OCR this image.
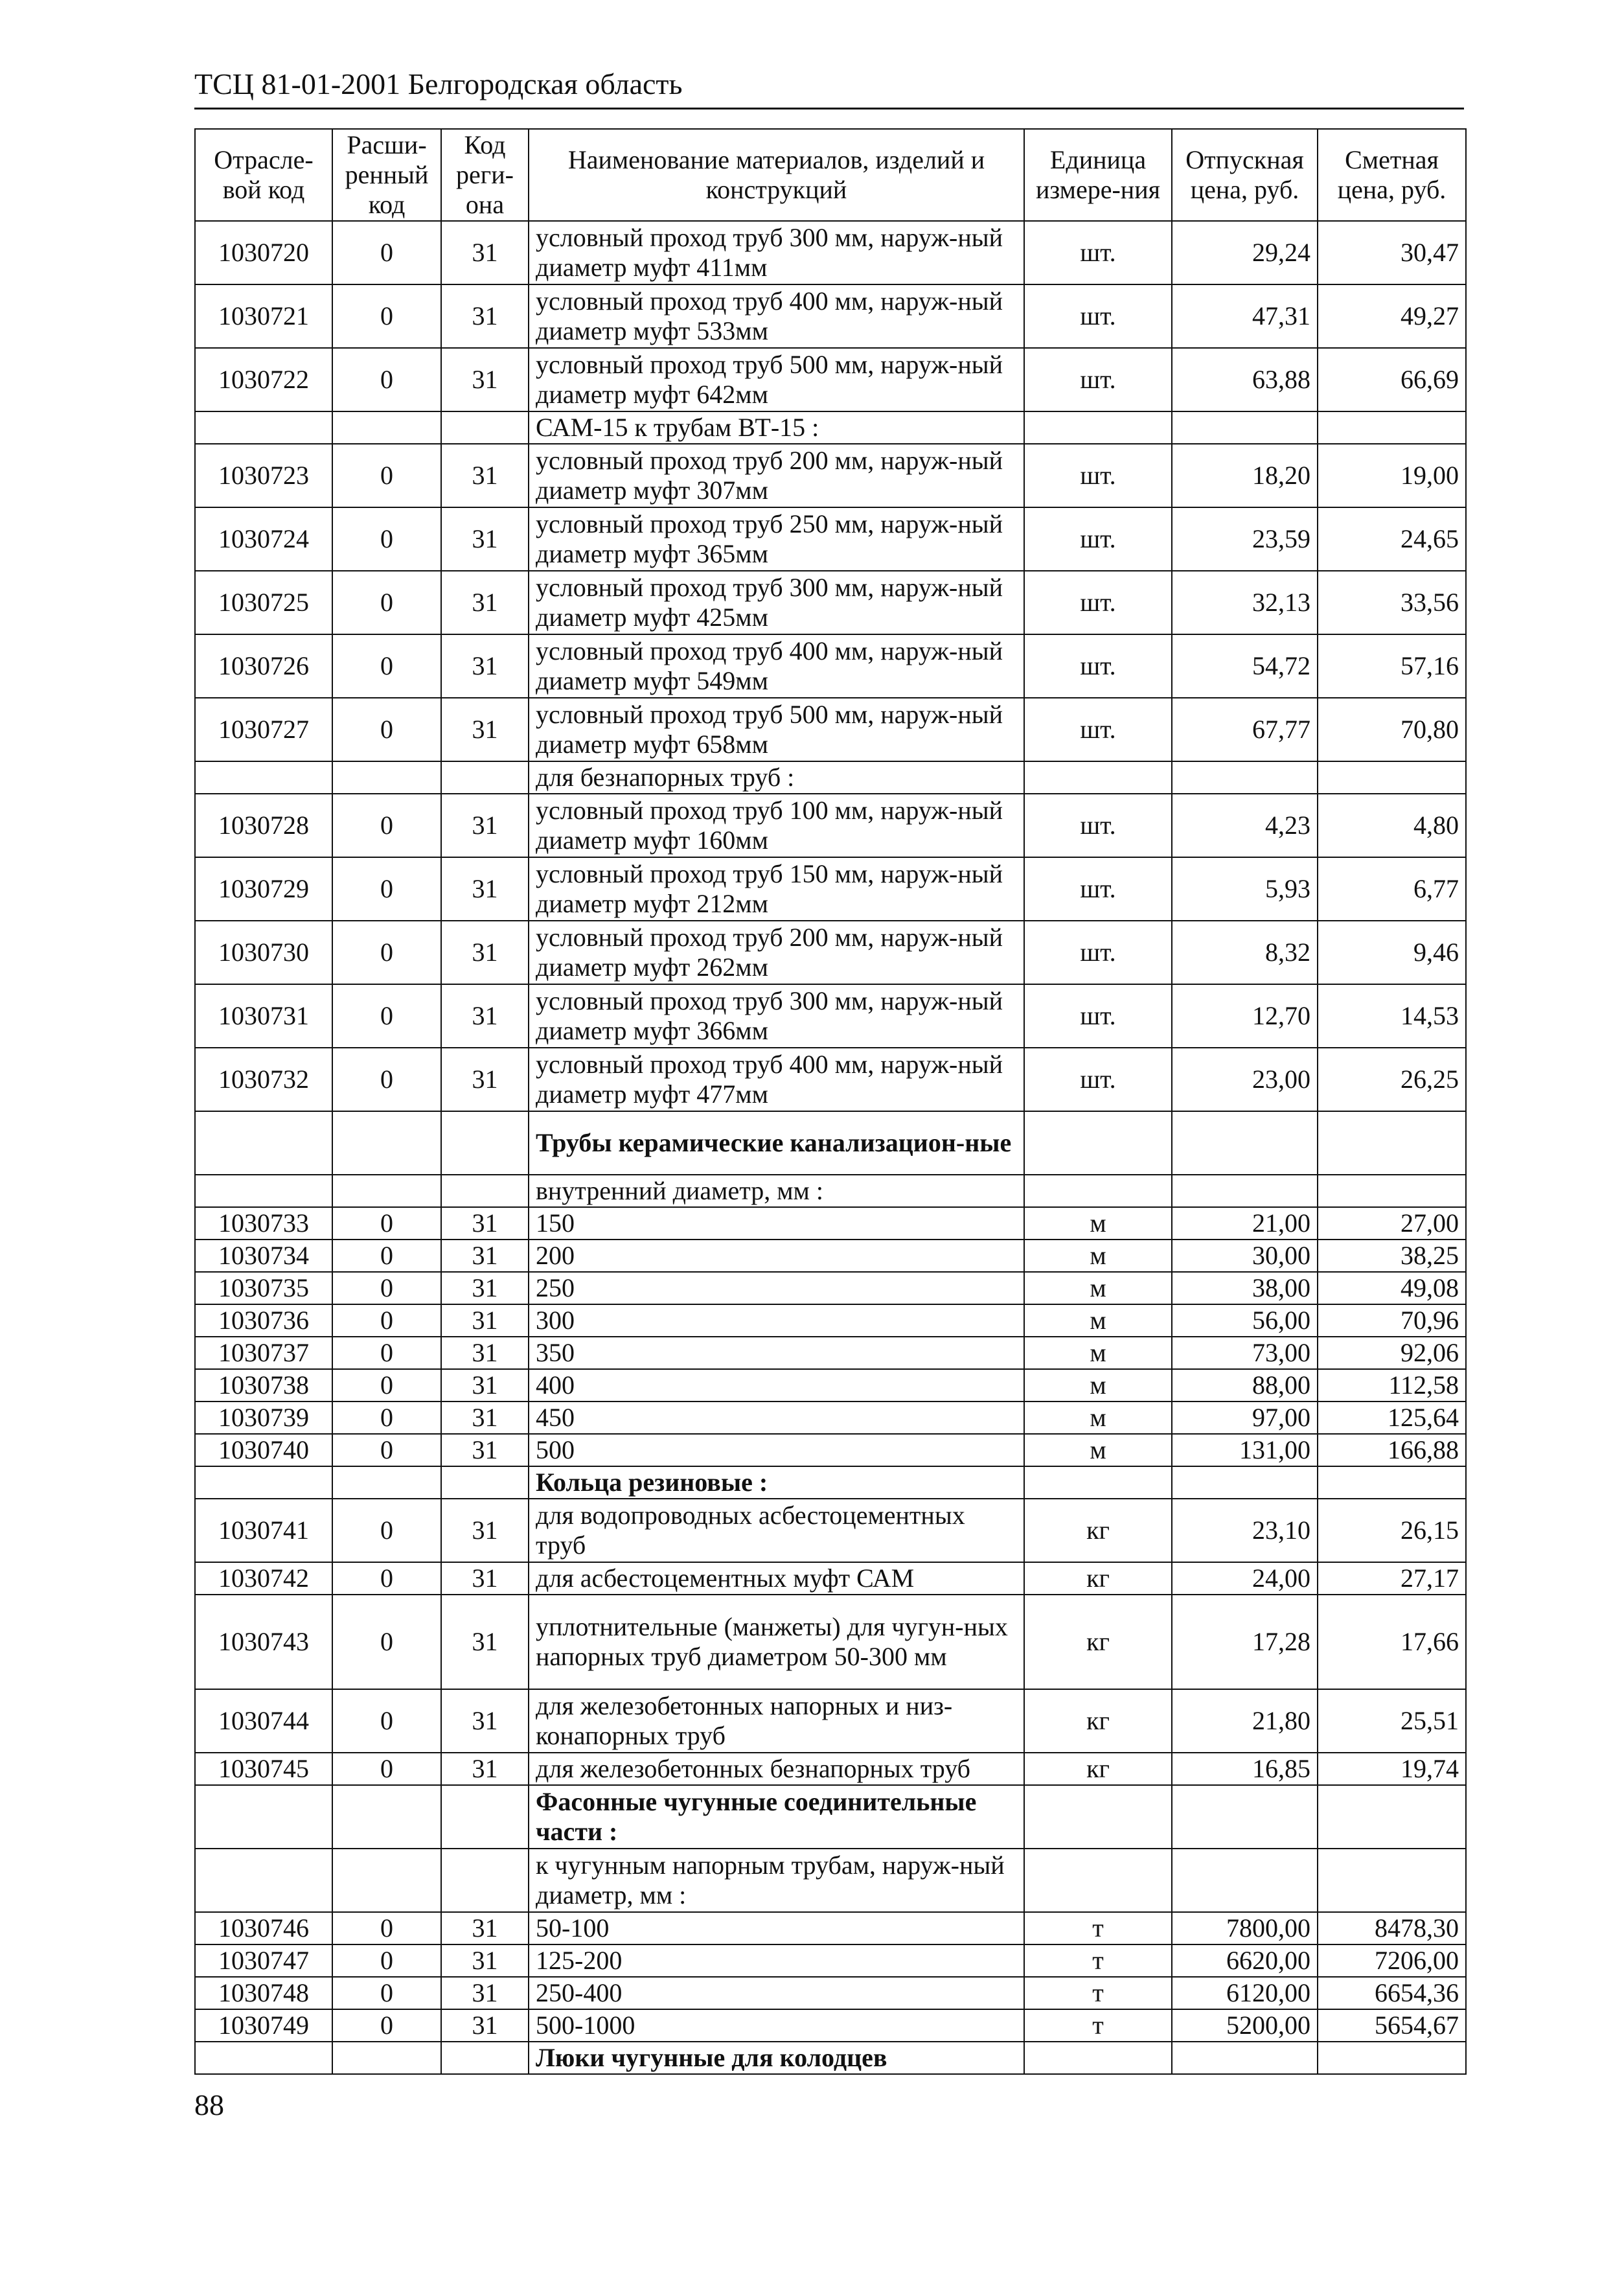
ТСЦ 81-01-2001 Белгородская область
Отрасле-вой код	Расши-ренный код	Код реги-она	Наименование материалов, изделий и конструкций	Единица измере-ния	Отпускная цена, руб.	Сметная цена, руб.
1030720	0	31	условный проход труб 300 мм, наруж-ный диаметр муфт 411мм	шт.	29,24	30,47
1030721	0	31	условный проход труб 400 мм, наруж-ный диаметр муфт 533мм	шт.	47,31	49,27
1030722	0	31	условный проход труб 500 мм, наруж-ный диаметр муфт 642мм	шт.	63,88	66,69
			САМ-15 к трубам ВТ-15 :			
1030723	0	31	условный проход труб 200 мм, наруж-ный диаметр муфт 307мм	шт.	18,20	19,00
1030724	0	31	условный проход труб 250 мм, наруж-ный диаметр муфт 365мм	шт.	23,59	24,65
1030725	0	31	условный проход труб 300 мм, наруж-ный диаметр муфт 425мм	шт.	32,13	33,56
1030726	0	31	условный проход труб 400 мм, наруж-ный диаметр муфт 549мм	шт.	54,72	57,16
1030727	0	31	условный проход труб 500 мм, наруж-ный диаметр муфт 658мм	шт.	67,77	70,80
			для безнапорных труб :			
1030728	0	31	условный проход труб 100 мм, наруж-ный диаметр муфт 160мм	шт.	4,23	4,80
1030729	0	31	условный проход труб 150 мм, наруж-ный диаметр муфт 212мм	шт.	5,93	6,77
1030730	0	31	условный проход труб 200 мм, наруж-ный диаметр муфт 262мм	шт.	8,32	9,46
1030731	0	31	условный проход труб 300 мм, наруж-ный диаметр муфт 366мм	шт.	12,70	14,53
1030732	0	31	условный проход труб 400 мм, наруж-ный диаметр муфт 477мм	шт.	23,00	26,25
			Трубы керамические канализацион-ные			
			внутренний диаметр, мм :			
1030733	0	31	150	м	21,00	27,00
1030734	0	31	200	м	30,00	38,25
1030735	0	31	250	м	38,00	49,08
1030736	0	31	300	м	56,00	70,96
1030737	0	31	350	м	73,00	92,06
1030738	0	31	400	м	88,00	112,58
1030739	0	31	450	м	97,00	125,64
1030740	0	31	500	м	131,00	166,88
			Кольца резиновые :			
1030741	0	31	для водопроводных асбестоцементных труб	кг	23,10	26,15
1030742	0	31	для асбестоцементных муфт САМ	кг	24,00	27,17
1030743	0	31	уплотнительные (манжеты) для чугун-ных напорных труб диаметром 50-300 мм	кг	17,28	17,66
1030744	0	31	для железобетонных напорных и низ-конапорных труб	кг	21,80	25,51
1030745	0	31	для железобетонных безнапорных труб	кг	16,85	19,74
			Фасонные чугунные соединительные части :			
			к чугунным напорным трубам, наруж-ный диаметр, мм :			
1030746	0	31	50-100	т	7800,00	8478,30
1030747	0	31	125-200	т	6620,00	7206,00
1030748	0	31	250-400	т	6120,00	6654,36
1030749	0	31	500-1000	т	5200,00	5654,67
			Люки чугунные для колодцев			
88
